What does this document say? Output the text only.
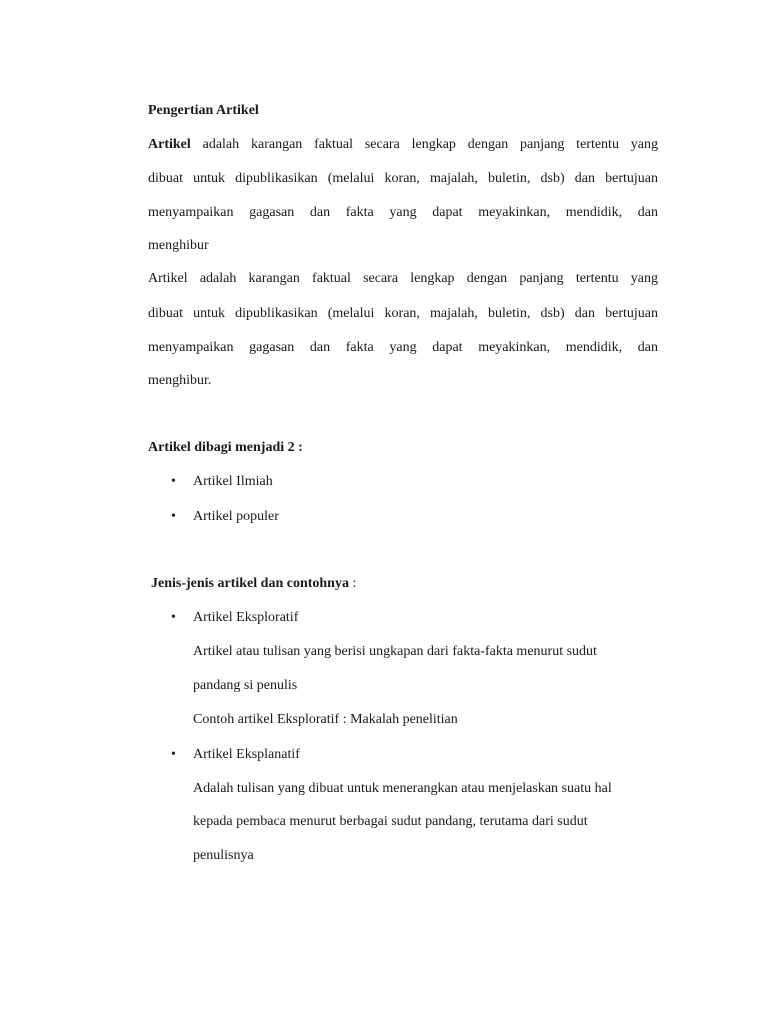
Pengertian Artikel
Artikel adalah karangan faktual secara lengkap dengan panjang tertentu yang
dibuat untuk dipublikasikan (melalui koran, majalah, buletin, dsb) dan bertujuan
menyampaikan gagasan dan fakta yang dapat meyakinkan, mendidik, dan
menghibur
Artikel adalah karangan faktual secara lengkap dengan panjang tertentu yang
dibuat untuk dipublikasikan (melalui koran, majalah, buletin, dsb) dan bertujuan
menyampaikan gagasan dan fakta yang dapat meyakinkan, mendidik, dan
menghibur.
Artikel dibagi menjadi 2 :
• Artikel Ilmiah
• Artikel populer
Jenis-jenis artikel dan contohnya :
• Artikel Eksploratif
Artikel atau tulisan yang berisi ungkapan dari fakta-fakta menurut sudut
pandang si penulis
Contoh artikel Eksploratif : Makalah penelitian
• Artikel Eksplanatif
Adalah tulisan yang dibuat untuk menerangkan atau menjelaskan suatu hal
kepada pembaca menurut berbagai sudut pandang, terutama dari sudut
penulisnya
